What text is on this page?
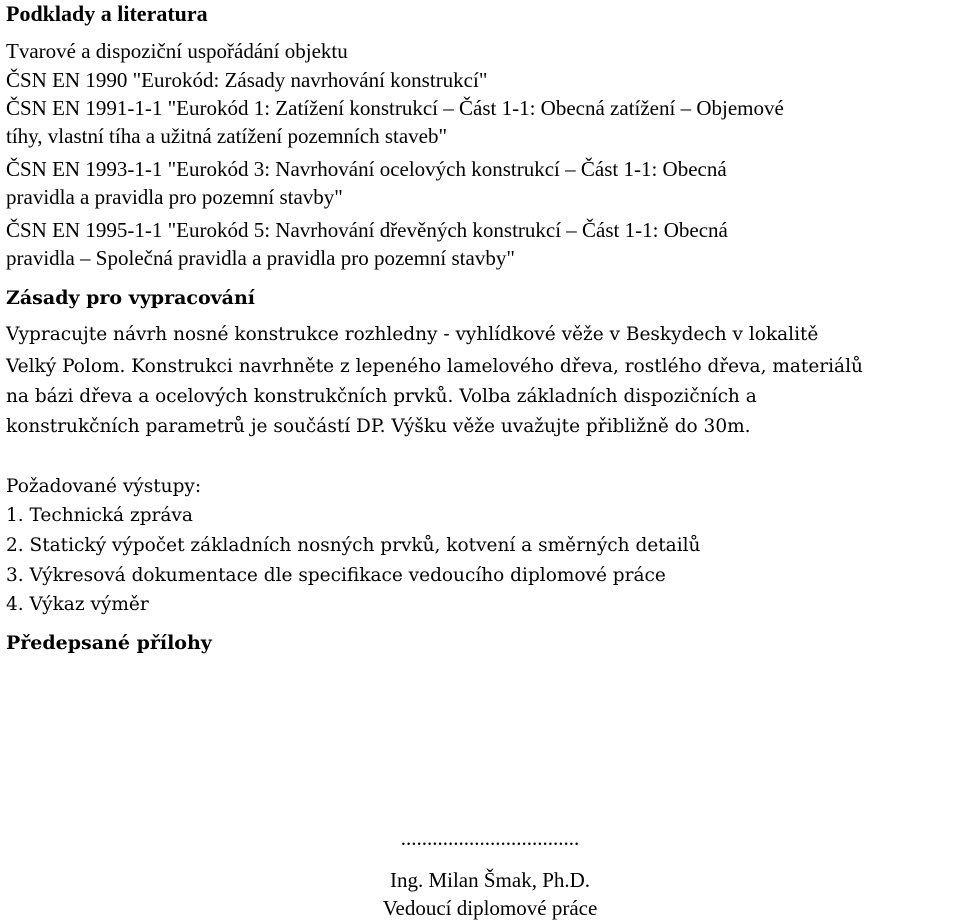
Podklady a literatura
Tvarové a dispoziční uspořádání objektu
ČSN EN 1990 "Eurokód: Zásady navrhování konstrukcí"
ČSN EN 1991-1-1 "Eurokód 1: Zatížení konstrukcí – Část 1-1: Obecná zatížení – Objemové
tíhy, vlastní tíha a užitná zatížení pozemních staveb"
ČSN EN 1993-1-1 "Eurokód 3: Navrhování ocelových konstrukcí – Část 1-1: Obecná
pravidla a pravidla pro pozemní stavby"
ČSN EN 1995-1-1 "Eurokód 5: Navrhování dřevěných konstrukcí – Část 1-1: Obecná
pravidla – Společná pravidla a pravidla pro pozemní stavby"
Zásady pro vypracování
Vypracujte návrh nosné konstrukce rozhledny - vyhlídkové věže v Beskydech v lokalitě
Velký Polom. Konstrukci navrhněte z lepeného lamelového dřeva, rostlého dřeva, materiálů
na bázi dřeva a ocelových konstrukčních prvků. Volba základních dispozičních a
konstrukčních parametrů je součástí DP. Výšku věže uvažujte přibližně do 30m.
Požadované výstupy:
1. Technická zpráva
2. Statický výpočet základních nosných prvků, kotvení a směrných detailů
3. Výkresová dokumentace dle specifikace vedoucího diplomové práce
4. Výkaz výměr
Předepsané přílohy
..................................
Ing. Milan Šmak, Ph.D.
Vedoucí diplomové práce
